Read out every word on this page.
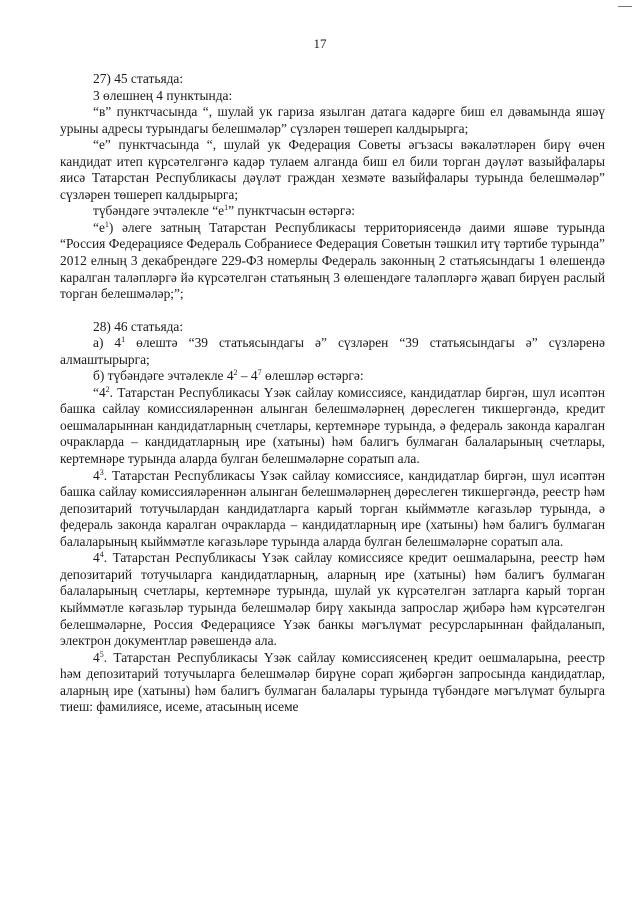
17

27) 45 статьяда:

3 өлешнең 4 пунктында:

“в” пунктчасында “, шулай ук гариза язылган датага кадәрге биш ел дәвамында яшәү урыны адресы турындагы белешмәләр” сүзләрен төшереп калдырырга;

“е” пунктчасында “, шулай ук Федерация Советы әгъзасы вәкаләтләрен бирү өчен кандидат итеп күрсәтелгәнгә кадәр тулаем алганда биш ел били торган дәүләт вазыйфалары яисә Татарстан Республикасы дәүләт граждан хезмәте вазыйфалары турында белешмәләр” сүзләрен төшереп калдырырга;

түбәндәге эчтәлекле “$е^1$” пунктчасын өстәргә:

“$е^1$) әлеге затның Татарстан Республикасы территориясендә даими яшәве турында “Россия Федерациясе Федераль Собраниесе Федерация Советын тәшкил итү тәртибе турында” 2012 елның 3 декабрендәге 229-ФЗ номерлы Федераль законның 2 статьясындагы 1 өлешендә каралган таләпләргә йә күрсәтелгән статьяның 3 өлешендәге таләпләргә җавап бирүен раслый торган белешмәләр;”;

28) 46 статьяда:

а) $4^1$ өлештә “39 статьясындагы ә” сүзләрен “39 статьясындагы ә” сүзләренә алмаштырырга;

б) түбәндәге эчтәлекле $4^2 - 4^7$ өлешләр өстәргә:

“$4^2$. Татарстан Республикасы Үзәк сайлау комиссиясе, кандидатлар биргән, шул исәптән башка сайлау комиссияләреннән алынган белешмәләрнең дөреслеген тикшергәндә, кредит оешмаларыннан кандидатларның счетлары, кертемнәре турында, ә федераль законда каралган очракларда – кандидатларның ире (хатыны) һәм балигъ булмаган балаларының счетлары, кертемнәре турында аларда булган белешмәләрне соратып ала.

$4^3$. Татарстан Республикасы Үзәк сайлау комиссиясе, кандидатлар биргән, шул исәптән башка сайлау комиссияләреннән алынган белешмәләрнең дөреслеген тикшергәндә, реестр һәм депозитарий тотучылардан кандидатларга карый торган кыйммәтле кәгазьләр турында, ә федераль законда каралган очракларда – кандидатларның ире (хатыны) һәм балигъ булмаган балаларының кыйммәтле кәгазьләре турында аларда булган белешмәләрне соратып ала.

$4^4$. Татарстан Республикасы Үзәк сайлау комиссиясе кредит оешмаларына, реестр һәм депозитарий тотучыларга кандидатларның, аларның ире (хатыны) һәм балигъ булмаган балаларының счетлары, кертемнәре турында, шулай ук күрсәтелгән затларга карый торган кыйммәтле кәгазьләр турында белешмәләр бирү хакында запрослар җибәрә һәм күрсәтелгән белешмәләрне, Россия Федерациясе Үзәк банкы мәгълүмат ресурсларыннан файдаланып, электрон документлар рәвешендә ала.

$4^5$. Татарстан Республикасы Үзәк сайлау комиссиясенең кредит оешмаларына, реестр һәм депозитарий тотучыларга белешмәләр бирүне сорап җибәргән запросында кандидатлар, аларның ире (хатыны) һәм балигъ булмаган балалары турында түбәндәге мәгълүмат булырга тиеш: фамилиясе, исеме, атасының исеме
